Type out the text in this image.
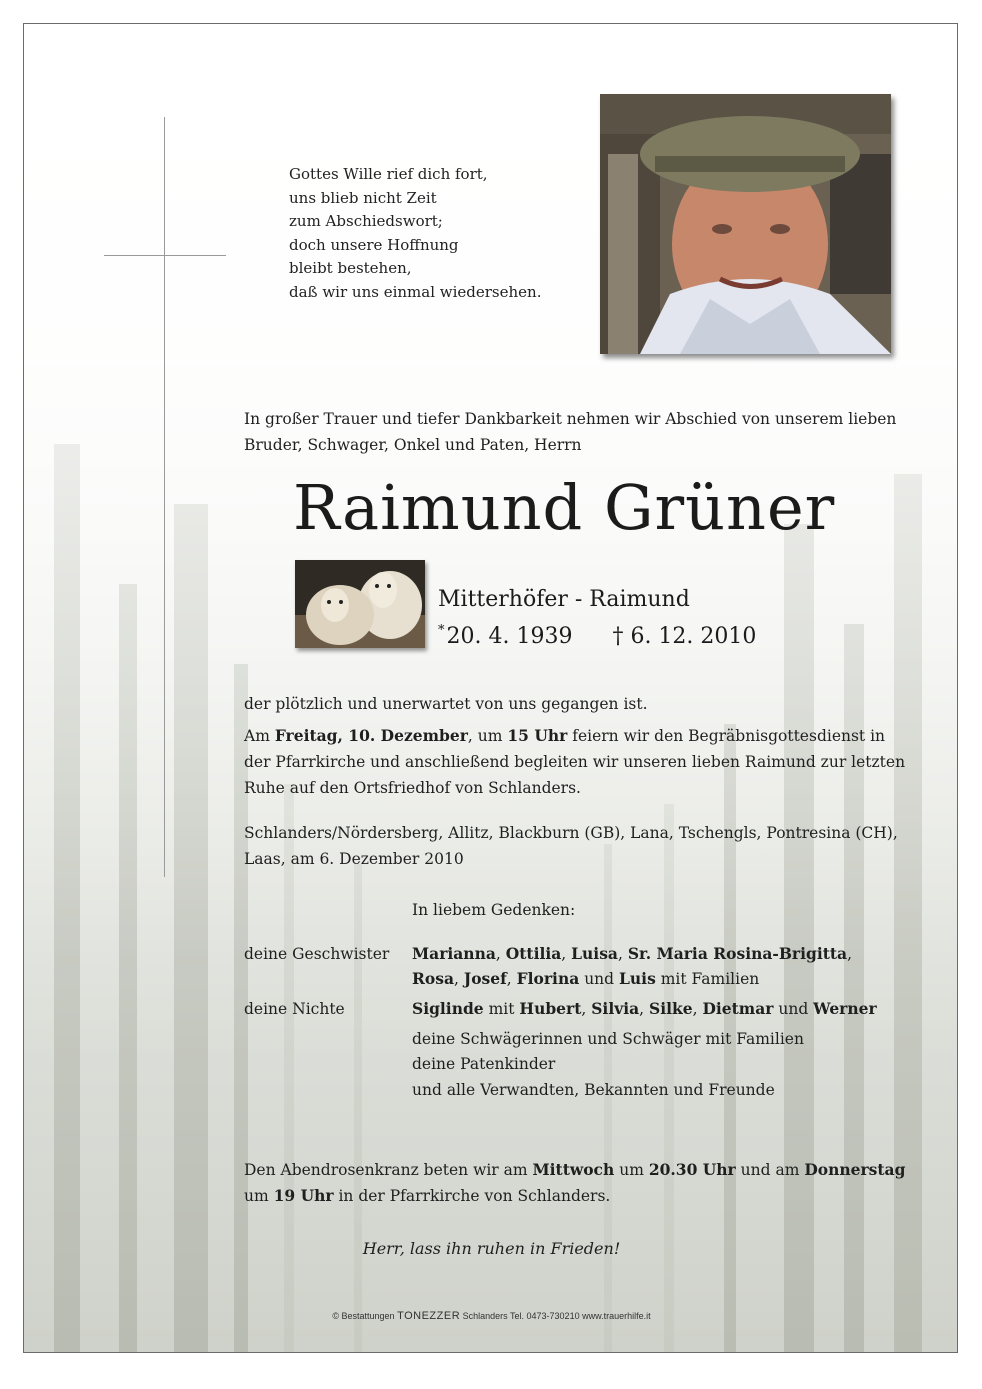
Gottes Wille rief dich fort,
uns blieb nicht Zeit
zum Abschiedswort;
doch unsere Hoffnung
bleibt bestehen,
daß wir uns einmal wiedersehen.
In großer Trauer und tiefer Dankbarkeit nehmen wir Abschied von unserem lieben Bruder, Schwager, Onkel und Paten, Herrn
Raimund Grüner
Mitterhöfer - Raimund
*20. 4. 1939 † 6. 12. 2010
der plötzlich und unerwartet von uns gegangen ist.
Am Freitag, 10. Dezember, um 15 Uhr feiern wir den Begräbnisgottesdienst in der Pfarrkirche und anschließend begleiten wir unseren lieben Raimund zur letzten Ruhe auf den Ortsfriedhof von Schlanders.
Schlanders/Nördersberg, Allitz, Blackburn (GB), Lana, Tschengls, Pontresina (CH), Laas, am 6. Dezember 2010
In liebem Gedenken:
deine Geschwister Marianna, Ottilia, Luisa, Sr. Maria Rosina-Brigitta,
Rosa, Josef, Florina und Luis mit Familien
deine Nichte	Siglinde mit Hubert, Silvia, Silke, Dietmar und Werner
deine Schwägerinnen und Schwäger mit Familien
deine Patenkinder
und alle Verwandten, Bekannten und Freunde
Den Abendrosenkranz beten wir am Mittwoch um 20.30 Uhr und am Donnerstag um 19 Uhr in der Pfarrkirche von Schlanders.
Herr, lass ihn ruhen in Frieden!
© Bestattungen TONEZZER Schlanders Tel. 0473-730210 www.trauerhilfe.it
